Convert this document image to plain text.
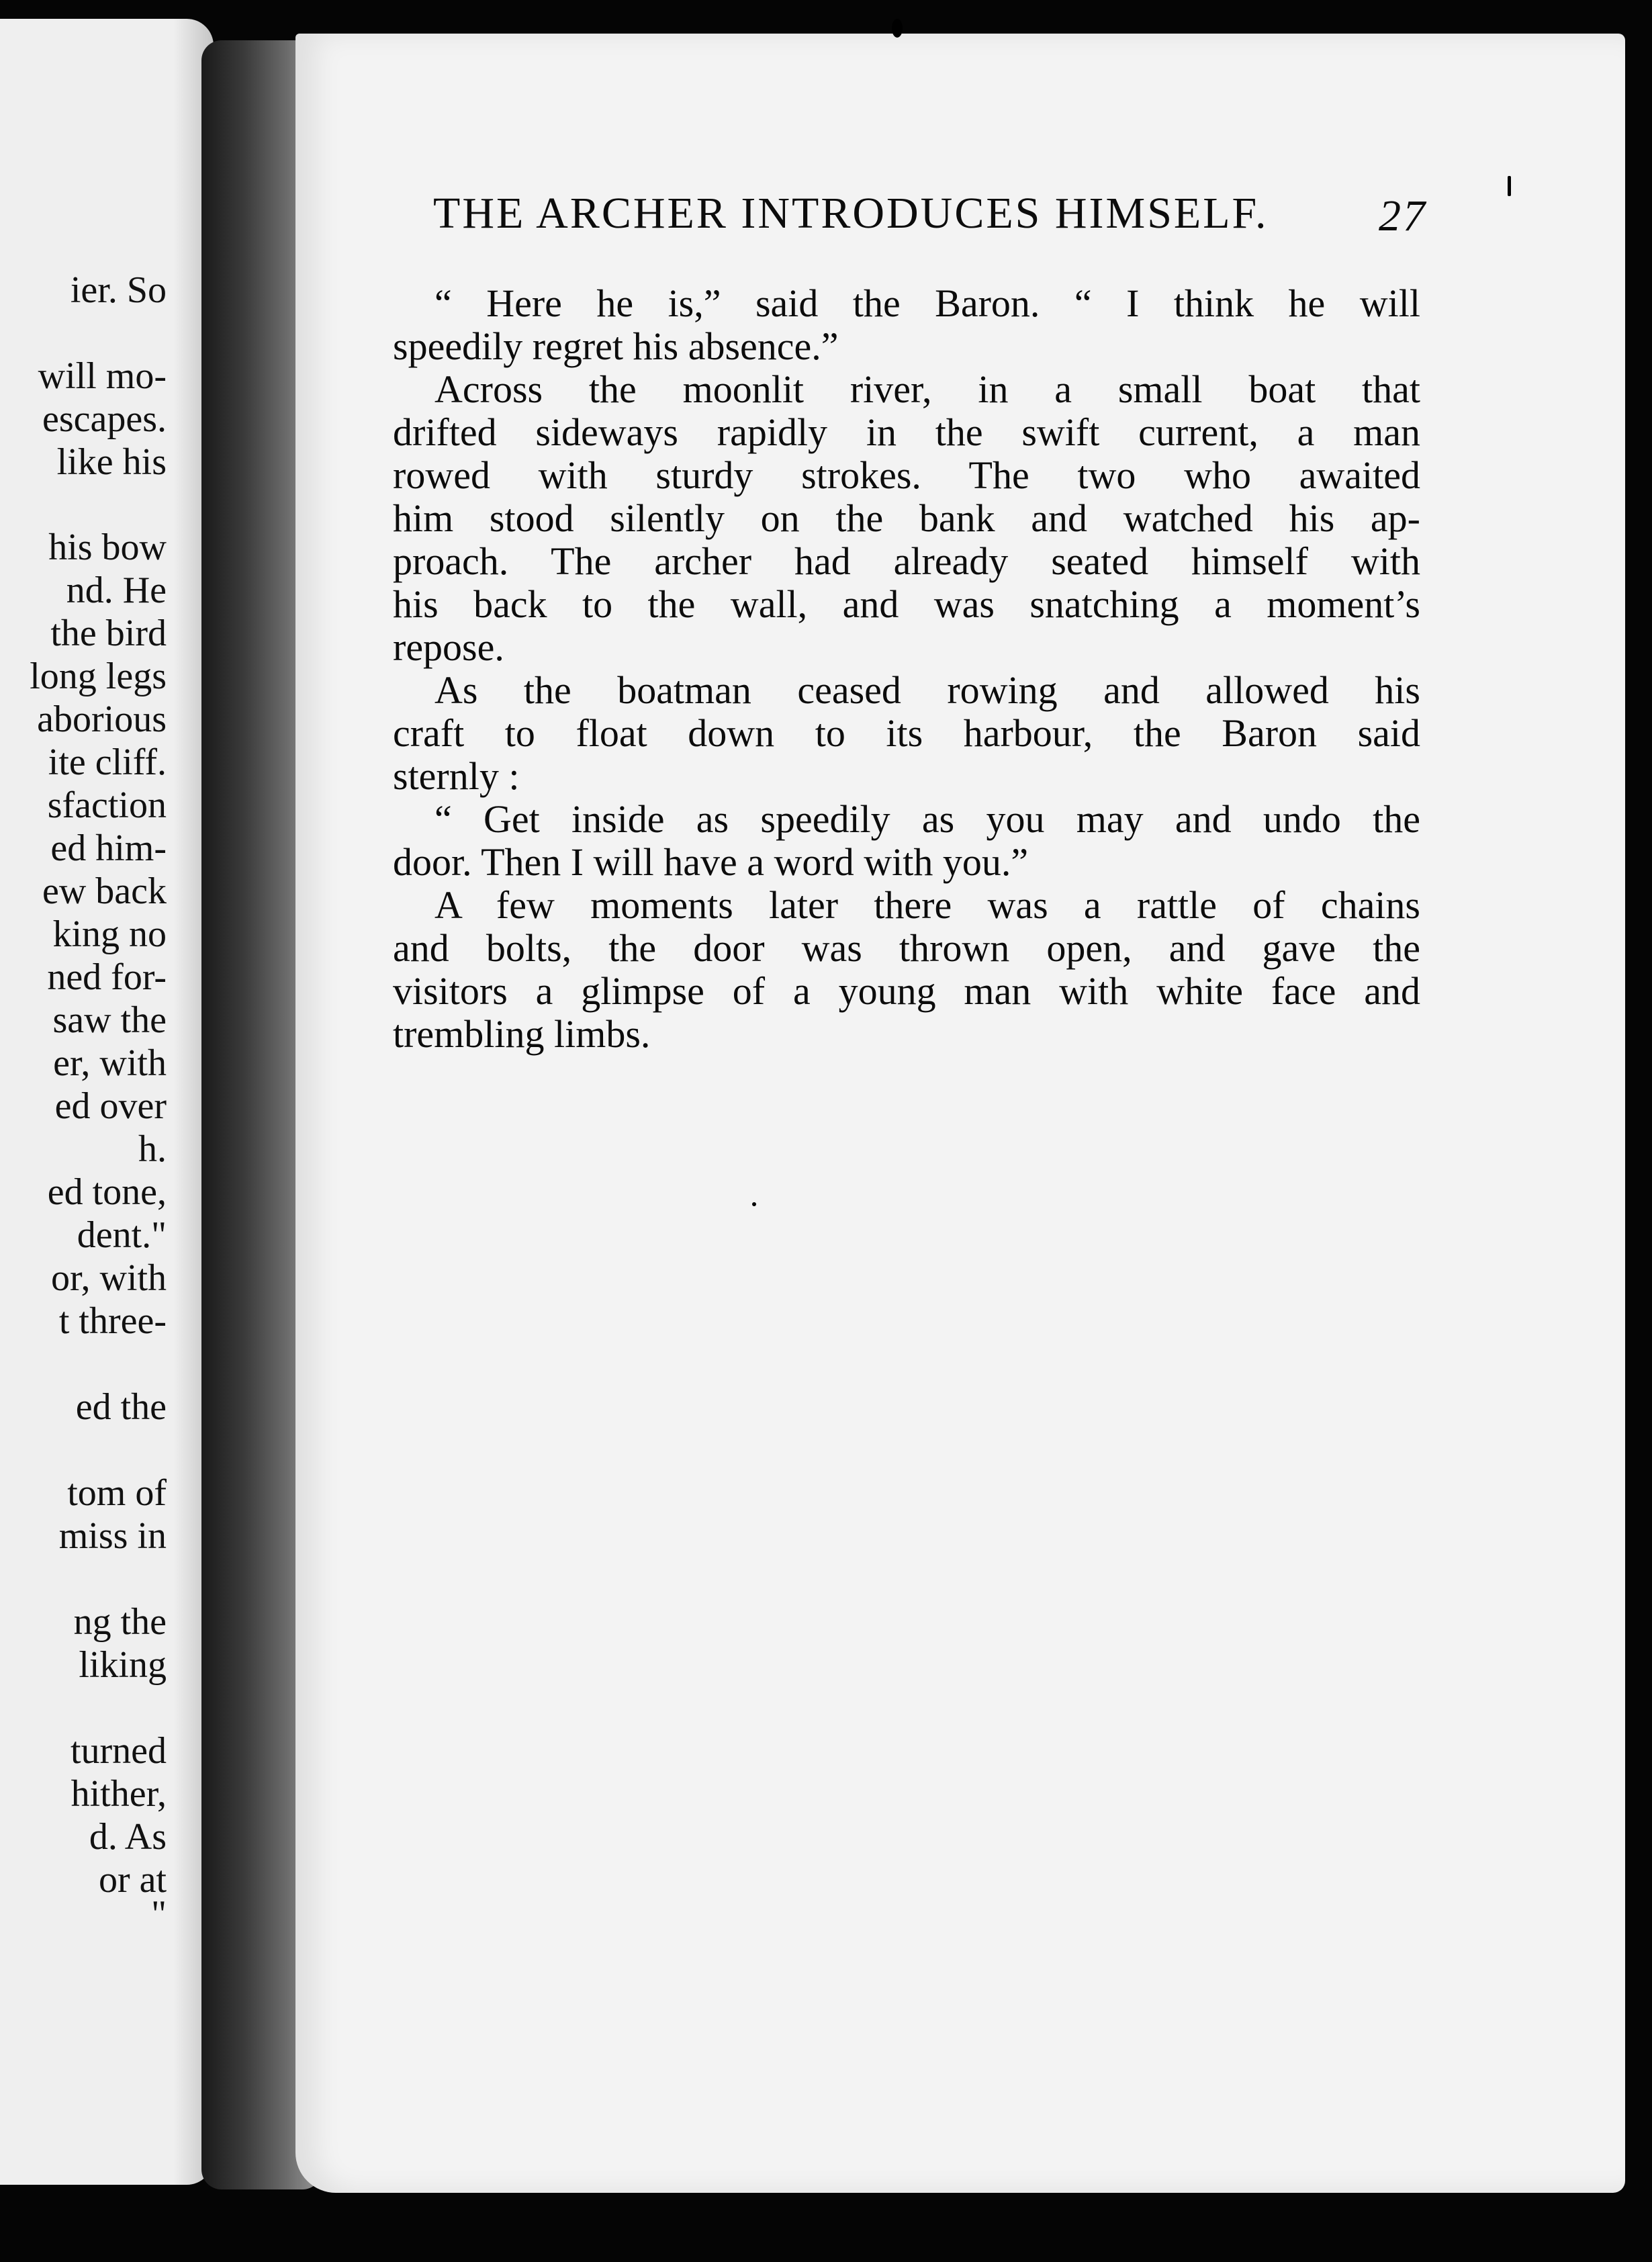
ier. So
will mo-
escapes.
like his
his bow
nd. He
the bird
long legs
aborious
ite cliff.
sfaction
ed him-
ew back
king no
ned for-
saw the
er, with
ed over
h.
ed tone,
dent."
or, with
t three-
ed the
tom of
miss in
ng the
liking
turned
hither,
d. As
or at
"
THE ARCHER INTRODUCES HIMSELF. 27
“ Here he is,” said the Baron. “ I think he will
speedily regret his absence.”
Across the moonlit river, in a small boat that
drifted sideways rapidly in the swift current, a man
rowed with sturdy strokes. The two who awaited
him stood silently on the bank and watched his ap-
proach. The archer had already seated himself with
his back to the wall, and was snatching a moment’s
repose.
As the boatman ceased rowing and allowed his
craft to float down to its harbour, the Baron said
sternly :
“ Get inside as speedily as you may and undo the
door. Then I will have a word with you.”
A few moments later there was a rattle of chains
and bolts, the door was thrown open, and gave the
visitors a glimpse of a young man with white face and
trembling limbs.
